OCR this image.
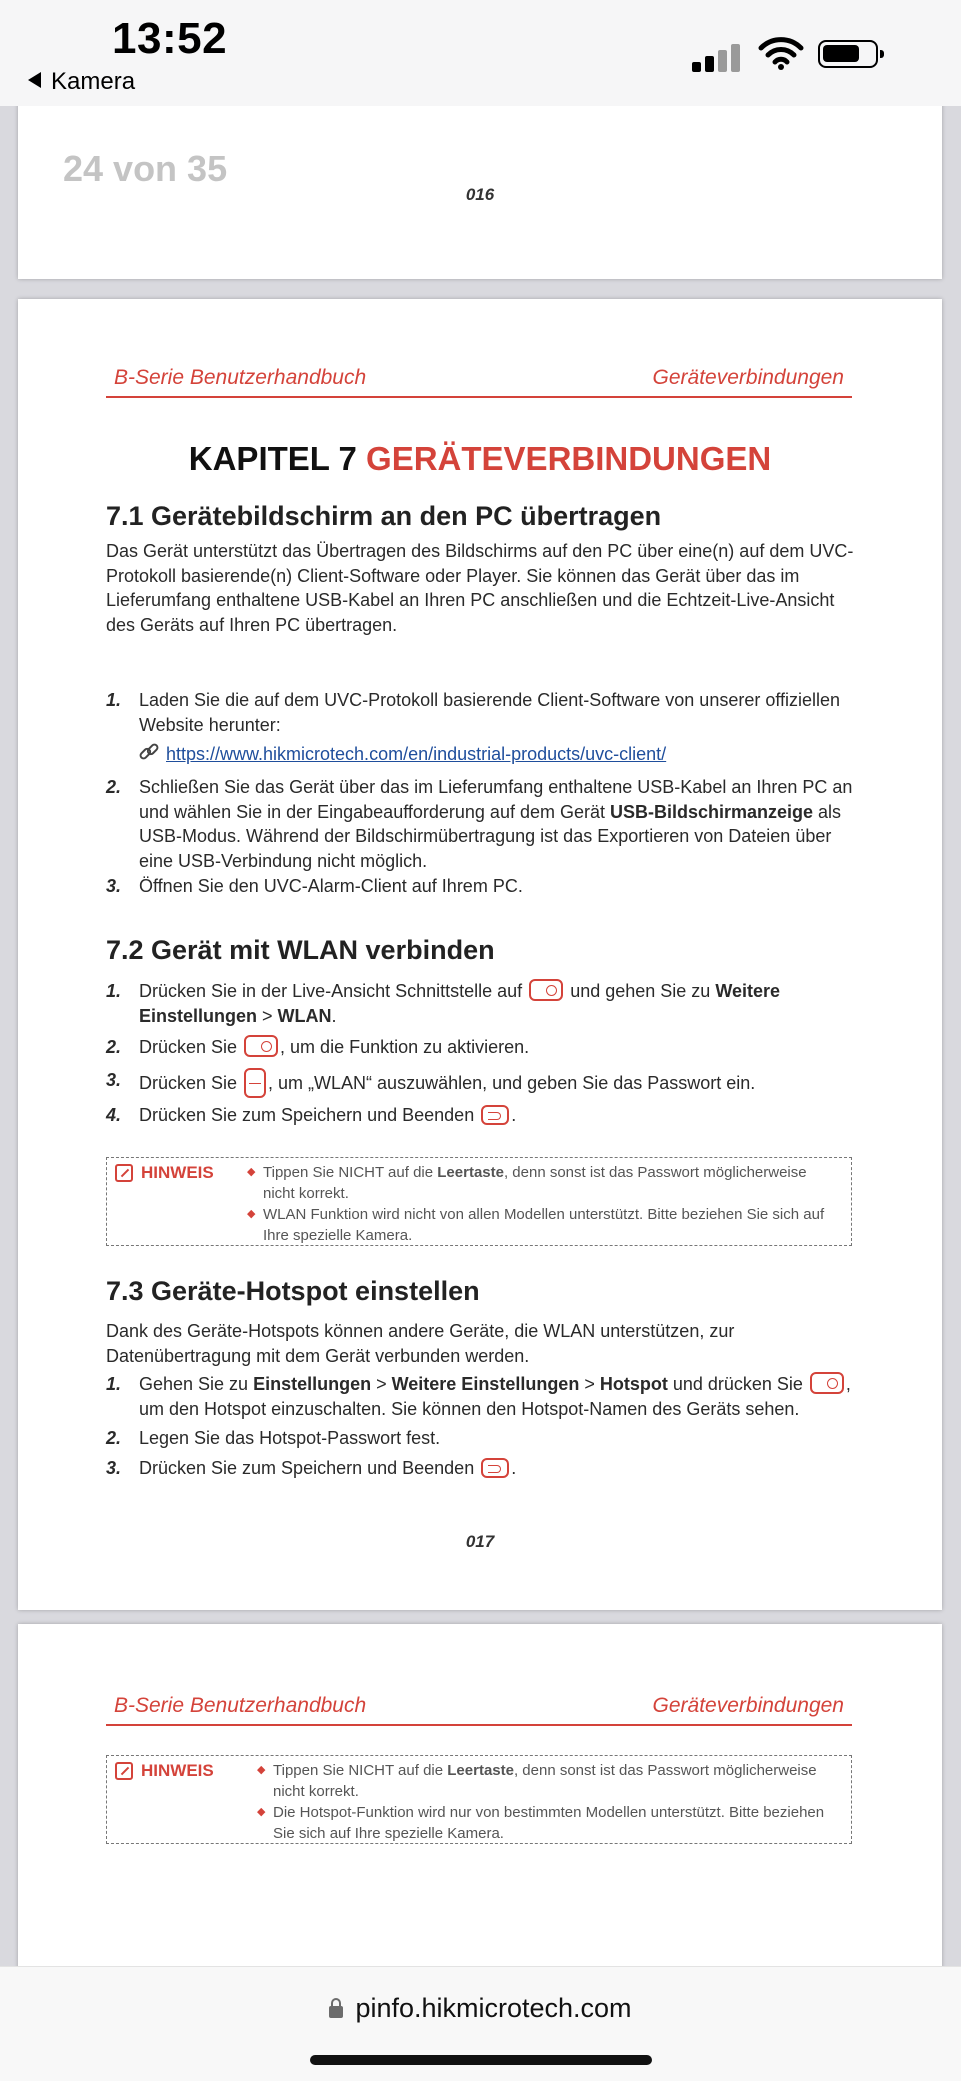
13:52
Kamera
24 von 35
016
B-Serie Benutzerhandbuch	Geräteverbindungen
KAPITEL 7 GERÄTEVERBINDUNGEN
7.1 Gerätebildschirm an den PC übertragen
Das Gerät unterstützt das Übertragen des Bildschirms auf den PC über eine(n) auf dem UVC-Protokoll basierende(n) Client-Software oder Player. Sie können das Gerät über das im Lieferumfang enthaltene USB-Kabel an Ihren PC anschließen und die Echtzeit-Live-Ansicht des Geräts auf Ihren PC übertragen.
1. Laden Sie die auf dem UVC-Protokoll basierende Client-Software von unserer offiziellen Website herunter:
https://www.hikmicrotech.com/en/industrial-products/uvc-client/
2. Schließen Sie das Gerät über das im Lieferumfang enthaltene USB-Kabel an Ihren PC an und wählen Sie in der Eingabeaufforderung auf dem Gerät USB-Bildschirmanzeige als USB-Modus. Während der Bildschirmübertragung ist das Exportieren von Dateien über eine USB-Verbindung nicht möglich.
3. Öffnen Sie den UVC-Alarm-Client auf Ihrem PC.
7.2 Gerät mit WLAN verbinden
1. Drücken Sie in der Live-Ansicht Schnittstelle auf  und gehen Sie zu Weitere Einstellungen > WLAN.
2. Drücken Sie , um die Funktion zu aktivieren.
3. Drücken Sie , um „WLAN“ auszuwählen, und geben Sie das Passwort ein.
4. Drücken Sie zum Speichern und Beenden .
HINWEIS	◆ Tippen Sie NICHT auf die Leertaste, denn sonst ist das Passwort möglicherweise nicht korrekt.
◆ WLAN Funktion wird nicht von allen Modellen unterstützt. Bitte beziehen Sie sich auf Ihre spezielle Kamera.
7.3 Geräte-Hotspot einstellen
Dank des Geräte-Hotspots können andere Geräte, die WLAN unterstützen, zur Datenübertragung mit dem Gerät verbunden werden.
1. Gehen Sie zu Einstellungen > Weitere Einstellungen > Hotspot und drücken Sie , um den Hotspot einzuschalten. Sie können den Hotspot-Namen des Geräts sehen.
2. Legen Sie das Hotspot-Passwort fest.
3. Drücken Sie zum Speichern und Beenden .
017
B-Serie Benutzerhandbuch	Geräteverbindungen
HINWEIS	◆ Tippen Sie NICHT auf die Leertaste, denn sonst ist das Passwort möglicherweise nicht korrekt.
◆ Die Hotspot-Funktion wird nur von bestimmten Modellen unterstützt. Bitte beziehen Sie sich auf Ihre spezielle Kamera.
pinfo.hikmicrotech.com
